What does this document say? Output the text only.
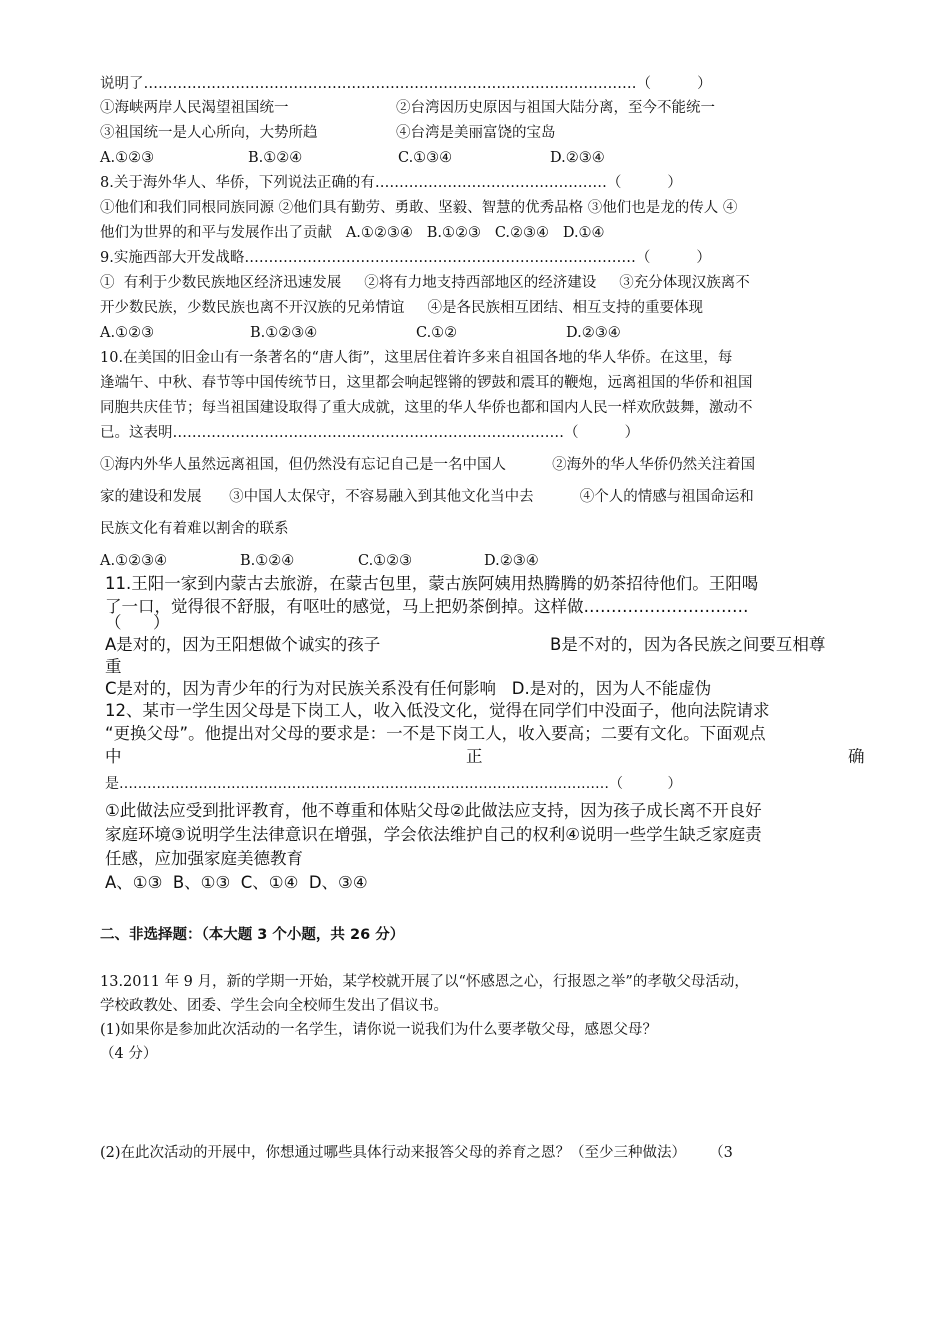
说明了…………………………………………………………………………………………（          ）
①海峡两岸人民渴望祖国统一	②台湾因历史原因与祖国大陆分离，至今不能统一
③祖国统一是人心所向，大势所趋	④台湾是美丽富饶的宝岛
A.①②③	B.①②④	C.①③④	D.②③④
8.关于海外华人、华侨，下列说法正确的有…………………………………………（          ）
①他们和我们同根同族同源 ②他们具有勤劳、勇敢、坚毅、智慧的优秀品格 ③他们也是龙的传人 ④
他们为世界的和平与发展作出了贡献   A.①②③④   B.①②③   C.②③④   D.①④
9.实施西部大开发战略………………………………………………………………………（          ）
①  有利于少数民族地区经济迅速发展     ②将有力地支持西部地区的经济建设     ③充分体现汉族离不
开少数民族，少数民族也离不开汉族的兄弟情谊     ④是各民族相互团结、相互支持的重要体现
A.①②③	B.①②③④	C.①②	D.②③④
10.在美国的旧金山有一条著名的“唐人街”，这里居住着许多来自祖国各地的华人华侨。在这里，每
逢端午、中秋、春节等中国传统节日，这里都会响起铿锵的锣鼓和震耳的鞭炮，远离祖国的华侨和祖国
同胞共庆佳节；每当祖国建设取得了重大成就，这里的华人华侨也都和国内人民一样欢欣鼓舞，激动不
已。这表明………………………………………………………………………（          ）
①海内外华人虽然远离祖国，但仍然没有忘记自己是一名中国人          ②海外的华人华侨仍然关注着国
家的建设和发展      ③中国人太保守，不容易融入到其他文化当中去          ④个人的情感与祖国命运和
民族文化有着难以割舍的联系
A.①②③④	B.①②④	C.①②③	D.②③④
11.王阳一家到内蒙古去旅游，在蒙古包里，蒙古族阿姨用热腾腾的奶茶招待他们。王阳喝
了一口，觉得很不舒服，有呕吐的感觉，马上把奶茶倒掉。这样做…………………………
（      ）
A是对的，因为王阳想做个诚实的孩子	B是不对的，因为各民族之间要互相尊
重
C是对的，因为青少年的行为对民族关系没有任何影响   D.是对的，因为人不能虚伪
12、某市一学生因父母是下岗工人，收入低没文化，觉得在同学们中没面子，他向法院请求
“更换父母”。他提出对父母的要求是：一不是下岗工人，收入要高；二要有文化。下面观点
中	正	确
是……………………………………………………………………………………………（          ）
①此做法应受到批评教育，他不尊重和体贴父母②此做法应支持，因为孩子成长离不开良好
家庭环境③说明学生法律意识在增强，学会依法维护自己的权利④说明一些学生缺乏家庭责
任感，应加强家庭美德教育
A、①③  B、①③  C、①④  D、③④
二、非选择题：（本大题 3 个小题，共 26 分）
13.2011 年 9 月，新的学期一开始，某学校就开展了以“怀感恩之心，行报恩之举”的孝敬父母活动，
学校政教处、团委、学生会向全校师生发出了倡议书。
(1)如果你是参加此次活动的一名学生，请你说一说我们为什么要孝敬父母，感恩父母？
（4 分）
(2)在此次活动的开展中，你想通过哪些具体行动来报答父母的养育之恩？（至少三种做法）     （3
